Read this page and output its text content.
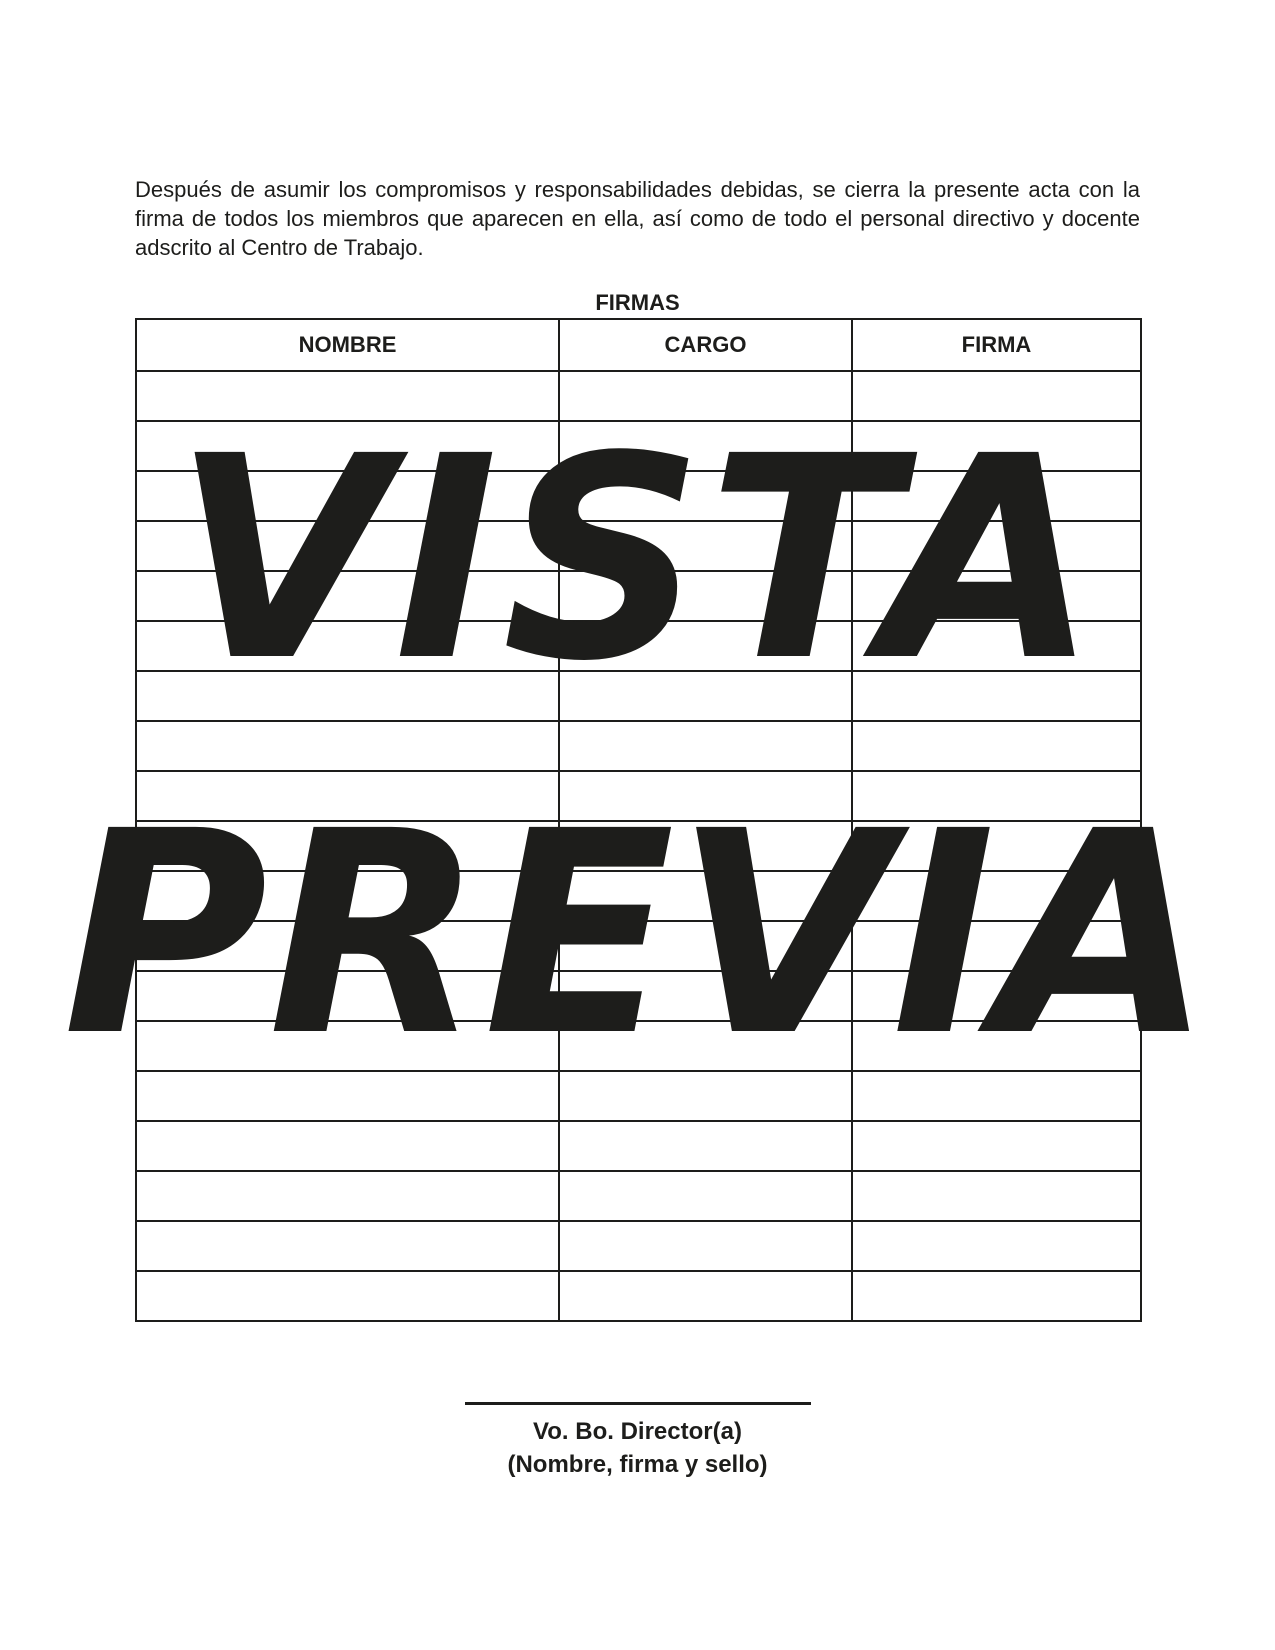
Después de asumir los compromisos y responsabilidades debidas, se cierra la presente acta con la firma de todos los miembros que aparecen en ella, así como de todo el personal directivo y docente adscrito al Centro de Trabajo.

FIRMAS

NOMBRE	CARGO	FIRMA

Vo. Bo. Director(a)

(Nombre, firma y sello)

VISTA
PREVIA
